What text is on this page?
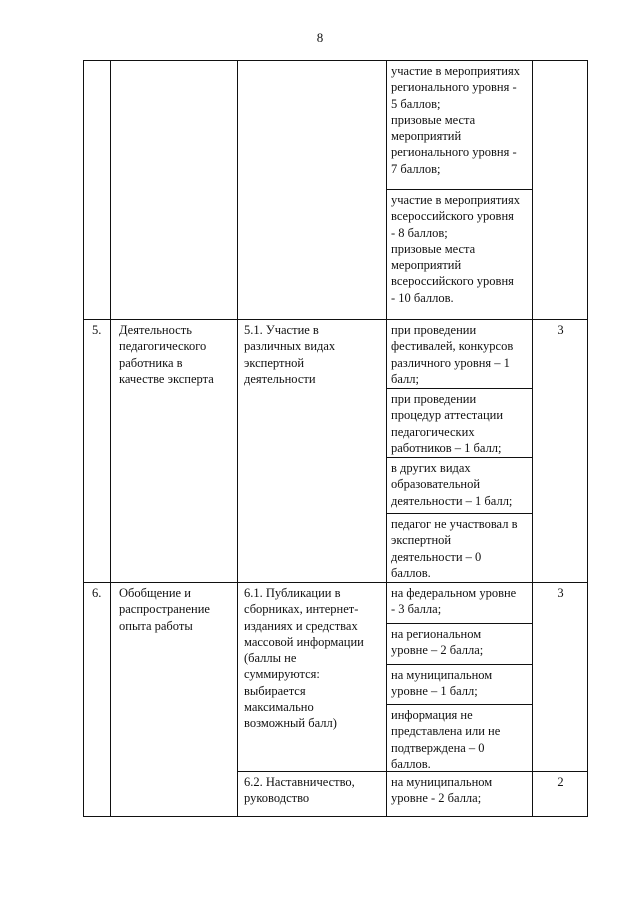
8
участие в мероприятиях
регионального уровня -
5 баллов;
призовые места
мероприятий
регионального уровня -
7 баллов;
участие в мероприятиях
всероссийского уровня
- 8 баллов;
призовые места
мероприятий
всероссийского уровня
- 10 баллов.
5.	Деятельность
педагогического
работника в
качестве эксперта
5.1. Участие в
различных видах
экспертной
деятельности
при проведении
фестивалей, конкурсов
различного уровня – 1
балл;
при проведении
процедур аттестации
педагогических
работников – 1 балл;
в других видах
образовательной
деятельности – 1 балл;
педагог не участвовал в
экспертной
деятельности – 0
баллов.
3
6.	Обобщение и
распространение
опыта работы
6.1. Публикации в
сборниках, интернет-
изданиях и средствах
массовой информации
(баллы не
суммируются:
выбирается
максимально
возможный балл)
на федеральном уровне
- 3 балла;
на региональном
уровне – 2 балла;
на муниципальном
уровне – 1 балл;
информация не
представлена или не
подтверждена – 0
баллов.
3
6.2. Наставничество,
руководство
на муниципальном
уровне - 2 балла;
2
